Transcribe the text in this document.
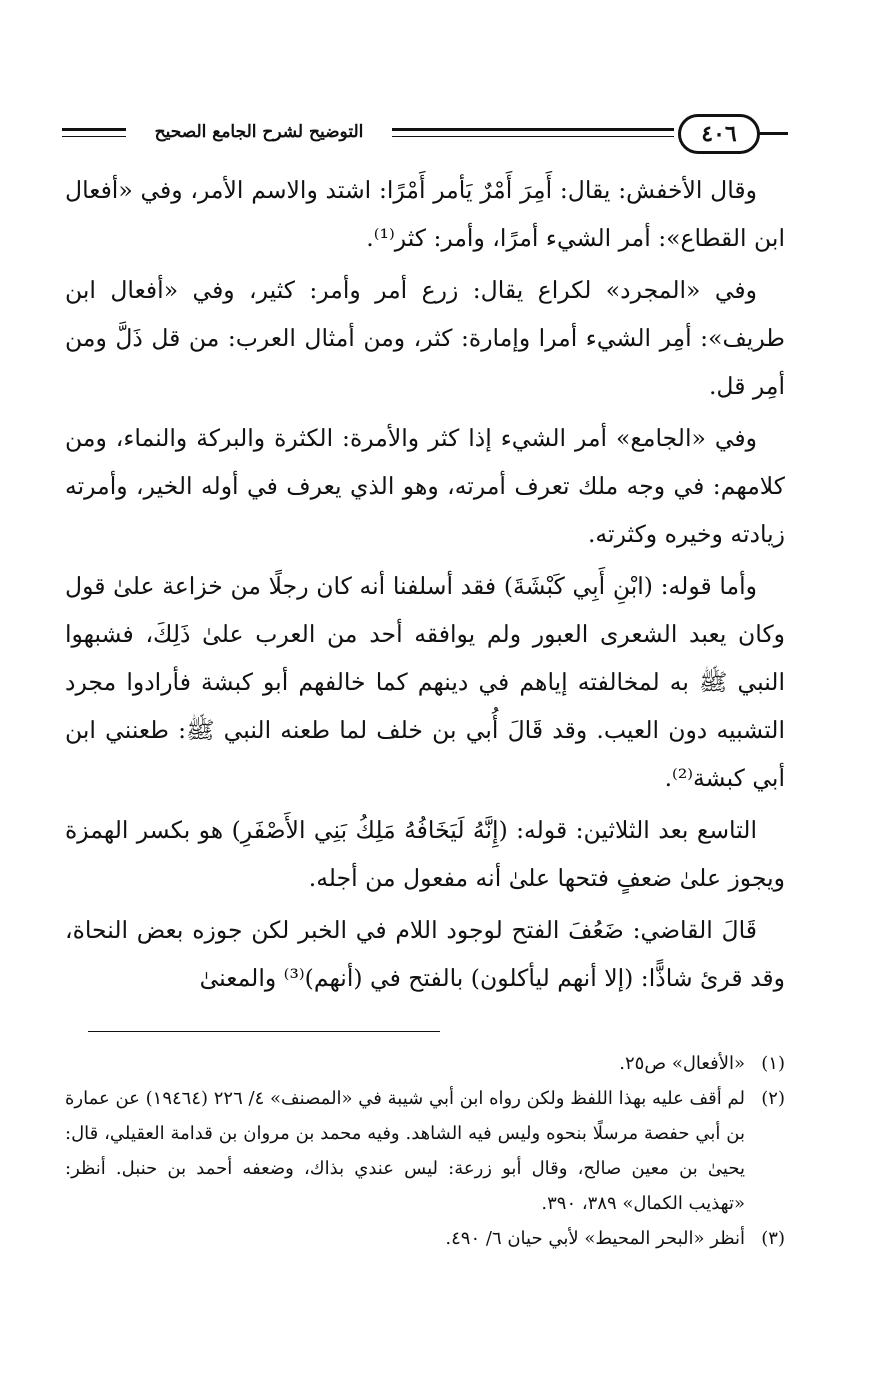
التوضيح لشرح الجامع الصحيح	٤٠٦

وقال الأخفش: يقال: أَمِرَ أَمْرٌ يَأمر أَمْرًا: اشتد والاسم الأمر، وفي «أفعال ابن القطاع»: أمر الشيء أمرًا، وأمر: كثر⁽¹⁾.

وفي «المجرد» لكراع يقال: زرع أمر وأمر: كثير، وفي «أفعال ابن طريف»: أمِر الشيء أمرا وإمارة: كثر، ومن أمثال العرب: من قل ذَلَّ ومن أمِر قل.

وفي «الجامع» أمر الشيء إذا كثر والأمرة: الكثرة والبركة والنماء، ومن كلامهم: في وجه ملك تعرف أمرته، وهو الذي يعرف في أوله الخير، وأمرته زيادته وخيره وكثرته.

وأما قوله: (ابْنِ أَبِي كَبْشَةَ) فقد أسلفنا أنه كان رجلًا من خزاعة علىٰ قول وكان يعبد الشعرى العبور ولم يوافقه أحد من العرب علىٰ ذَلِكَ، فشبهوا النبي ﷺ به لمخالفته إياهم في دينهم كما خالفهم أبو كبشة فأرادوا مجرد التشبيه دون العيب. وقد قَالَ أُبي بن خلف لما طعنه النبي ﷺ: طعنني ابن أبي كبشة⁽²⁾.

التاسع بعد الثلاثين: قوله: (إِنَّهُ لَيَخَافُهُ مَلِكُ بَنِي الأَصْفَرِ) هو بكسر الهمزة ويجوز علىٰ ضعفٍ فتحها علىٰ أنه مفعول من أجله.

قَالَ القاضي: ضَعُفَ الفتح لوجود اللام في الخبر لكن جوزه بعض النحاة، وقد قرئ شاذًّا: (إلا أنهم ليأكلون) بالفتح في (أنهم)⁽³⁾ والمعنىٰ

(١)
«الأفعال» ص٢٥.
(٢)
لم أقف عليه بهذا اللفظ ولكن رواه ابن أبي شيبة في «المصنف» ٤/ ٢٢٦ (١٩٤٦٤) عن عمارة بن أبي حفصة مرسلًا بنحوه وليس فيه الشاهد. وفيه محمد بن مروان بن قدامة العقيلي، قال: يحيىٰ بن معين صالح، وقال أبو زرعة: ليس عندي بذاك، وضعفه أحمد بن حنبل. أنظر: «تهذيب الكمال» ٣٨٩، ٣٩٠.
(٣)
أنظر «البحر المحيط» لأبي حيان ٦/ ٤٩٠.
